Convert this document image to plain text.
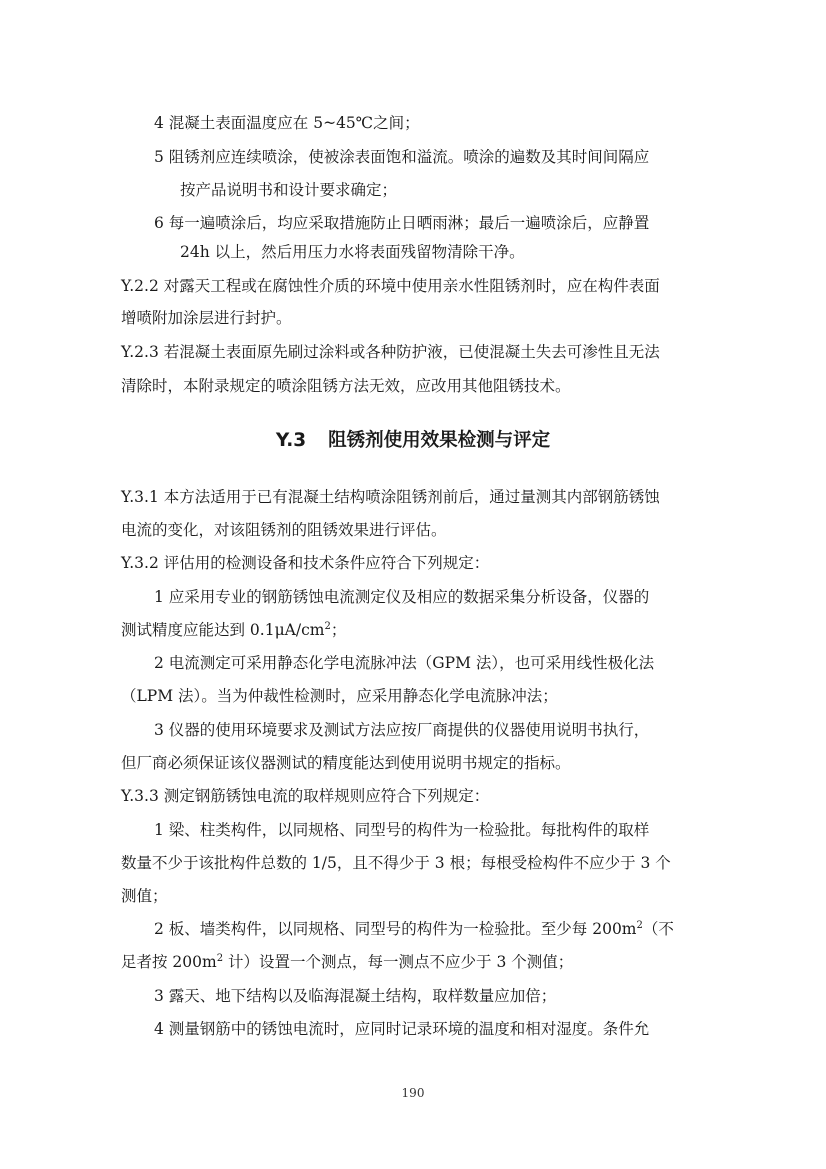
4 混凝土表面温度应在 5~45℃之间；
5 阻锈剂应连续喷涂，使被涂表面饱和溢流。喷涂的遍数及其时间间隔应
按产品说明书和设计要求确定；
6 每一遍喷涂后，均应采取措施防止日晒雨淋；最后一遍喷涂后，应静置
24h 以上，然后用压力水将表面残留物清除干净。
Y.2.2 对露天工程或在腐蚀性介质的环境中使用亲水性阻锈剂时，应在构件表面
增喷附加涂层进行封护。
Y.2.3 若混凝土表面原先刷过涂料或各种防护液，已使混凝土失去可渗性且无法
清除时，本附录规定的喷涂阻锈方法无效，应改用其他阻锈技术。
Y.3 阻锈剂使用效果检测与评定
Y.3.1 本方法适用于已有混凝土结构喷涂阻锈剂前后，通过量测其内部钢筋锈蚀
电流的变化，对该阻锈剂的阻锈效果进行评估。
Y.3.2 评估用的检测设备和技术条件应符合下列规定：
1 应采用专业的钢筋锈蚀电流测定仪及相应的数据采集分析设备，仪器的
测试精度应能达到 $0.1\mu A/cm^2$；
2 电流测定可采用静态化学电流脉冲法（GPM 法），也可采用线性极化法
（LPM 法）。当为仲裁性检测时，应采用静态化学电流脉冲法；
3 仪器的使用环境要求及测试方法应按厂商提供的仪器使用说明书执行，
但厂商必须保证该仪器测试的精度能达到使用说明书规定的指标。
Y.3.3 测定钢筋锈蚀电流的取样规则应符合下列规定：
1 梁、柱类构件，以同规格、同型号的构件为一检验批。每批构件的取样
数量不少于该批构件总数的 1/5，且不得少于 3 根；每根受检构件不应少于 3 个
测值；
2 板、墙类构件，以同规格、同型号的构件为一检验批。至少每 $200m^2$（不
足者按 $200m^2$ 计）设置一个测点，每一测点不应少于 3 个测值；
3 露天、地下结构以及临海混凝土结构，取样数量应加倍；
4 测量钢筋中的锈蚀电流时，应同时记录环境的温度和相对湿度。条件允
190
